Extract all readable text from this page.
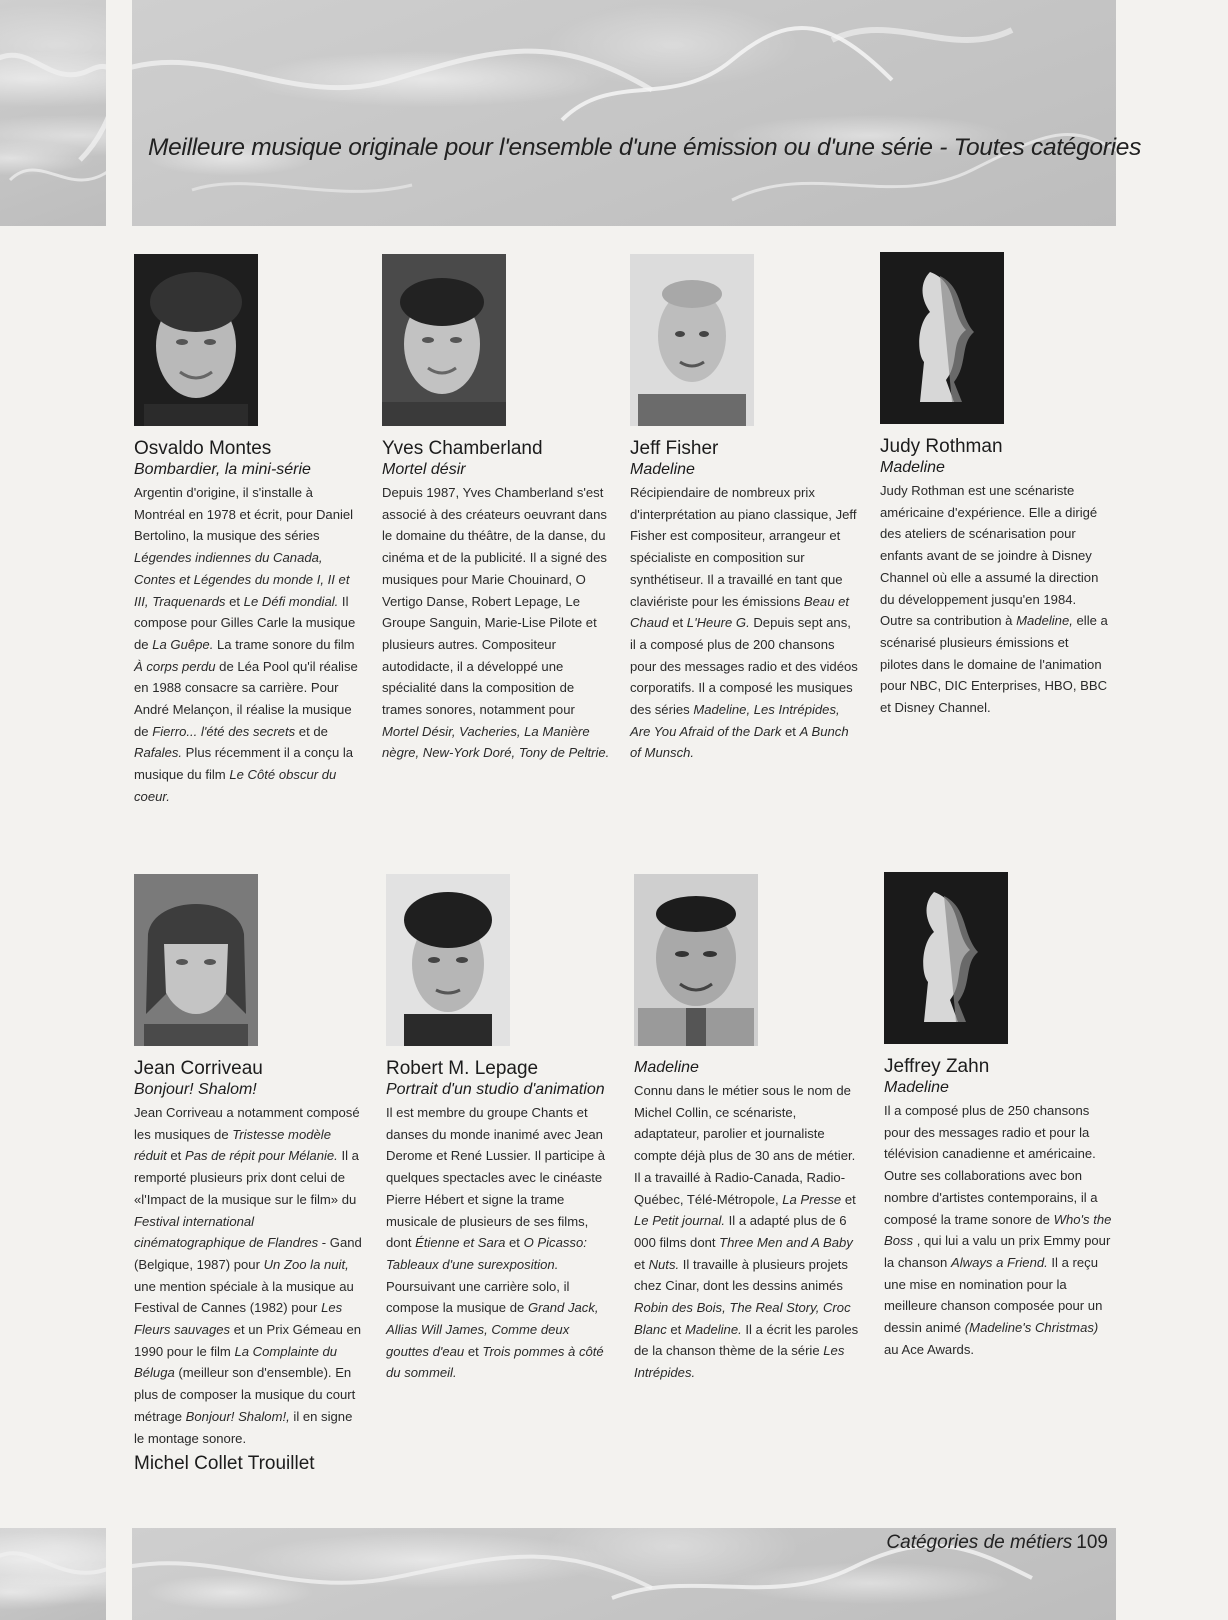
Meilleure musique originale pour l'ensemble d'une émission ou d'une série - Toutes catégories
Catégories de métiers 109
Osvaldo Montes
Bombardier, la mini-série
Argentin d'origine, il s'installe à Montréal en 1978 et écrit, pour Daniel Bertolino, la musique des séries Légendes indiennes du Canada, Contes et Légendes du monde I, II et III, Traquenards et Le Défi mondial. Il compose pour Gilles Carle la musique de La Guêpe. La trame sonore du film À corps perdu de Léa Pool qu'il réalise en 1988 consacre sa carrière. Pour André Melançon, il réalise la musique de Fierro... l'été des secrets et de Rafales. Plus récemment il a conçu la musique du film Le Côté obscur du coeur.
Yves Chamberland
Mortel désir
Depuis 1987, Yves Chamberland s'est associé à des créateurs oeuvrant dans le domaine du théâtre, de la danse, du cinéma et de la publicité. Il a signé des musiques pour Marie Chouinard, O Vertigo Danse, Robert Lepage, Le Groupe Sanguin, Marie-Lise Pilote et plusieurs autres. Compositeur autodidacte, il a développé une spécialité dans la composition de trames sonores, notamment pour Mortel Désir, Vacheries, La Manière nègre, New-York Doré, Tony de Peltrie.
Jeff Fisher
Madeline
Récipiendaire de nombreux prix d'interprétation au piano classique, Jeff Fisher est compositeur, arrangeur et spécialiste en composition sur synthétiseur. Il a travaillé en tant que claviériste pour les émissions Beau et Chaud et L'Heure G. Depuis sept ans, il a composé plus de 200 chansons pour des messages radio et des vidéos corporatifs. Il a composé les musiques des séries Madeline, Les Intrépides, Are You Afraid of the Dark et A Bunch of Munsch.
Judy Rothman
Madeline
Judy Rothman est une scénariste américaine d'expérience. Elle a dirigé des ateliers de scénarisation pour enfants avant de se joindre à Disney Channel où elle a assumé la direction du développement jusqu'en 1984. Outre sa contribution à Madeline, elle a scénarisé plusieurs émissions et pilotes dans le domaine de l'animation pour NBC, DIC Enterprises, HBO, BBC et Disney Channel.
Jean Corriveau
Bonjour! Shalom!
Jean Corriveau a notamment composé les musiques de Tristesse modèle réduit et Pas de répit pour Mélanie. Il a remporté plusieurs prix dont celui de «l'Impact de la musique sur le film» du Festival international cinématographique de Flandres - Gand (Belgique, 1987) pour Un Zoo la nuit, une mention spéciale à la musique au Festival de Cannes (1982) pour Les Fleurs sauvages et un Prix Gémeau en 1990 pour le film La Complainte du Béluga (meilleur son d'ensemble). En plus de composer la musique du court métrage Bonjour! Shalom!, il en signe le montage sonore.
Michel Collet Trouillet
Robert M. Lepage
Portrait d'un studio d'animation
Il est membre du groupe Chants et danses du monde inanimé avec Jean Derome et René Lussier. Il participe à quelques spectacles avec le cinéaste Pierre Hébert et signe la trame musicale de plusieurs de ses films, dont Étienne et Sara et O Picasso: Tableaux d'une surexposition. Poursuivant une carrière solo, il compose la musique de Grand Jack, Allias Will James, Comme deux gouttes d'eau et Trois pommes à côté du sommeil.
Madeline
Connu dans le métier sous le nom de Michel Collin, ce scénariste, adaptateur, parolier et journaliste compte déjà plus de 30 ans de métier. Il a travaillé à Radio-Canada, Radio-Québec, Télé-Métropole, La Presse et Le Petit journal. Il a adapté plus de 6 000 films dont Three Men and A Baby et Nuts. Il travaille à plusieurs projets chez Cinar, dont les dessins animés Robin des Bois, The Real Story, Croc Blanc et Madeline. Il a écrit les paroles de la chanson thème de la série Les Intrépides.
Jeffrey Zahn
Madeline
Il a composé plus de 250 chansons pour des messages radio et pour la télévision canadienne et américaine. Outre ses collaborations avec bon nombre d'artistes contemporains, il a composé la trame sonore de Who's the Boss , qui lui a valu un prix Emmy pour la chanson Always a Friend. Il a reçu une mise en nomination pour la meilleure chanson composée pour un dessin animé (Madeline's Christmas) au Ace Awards.
